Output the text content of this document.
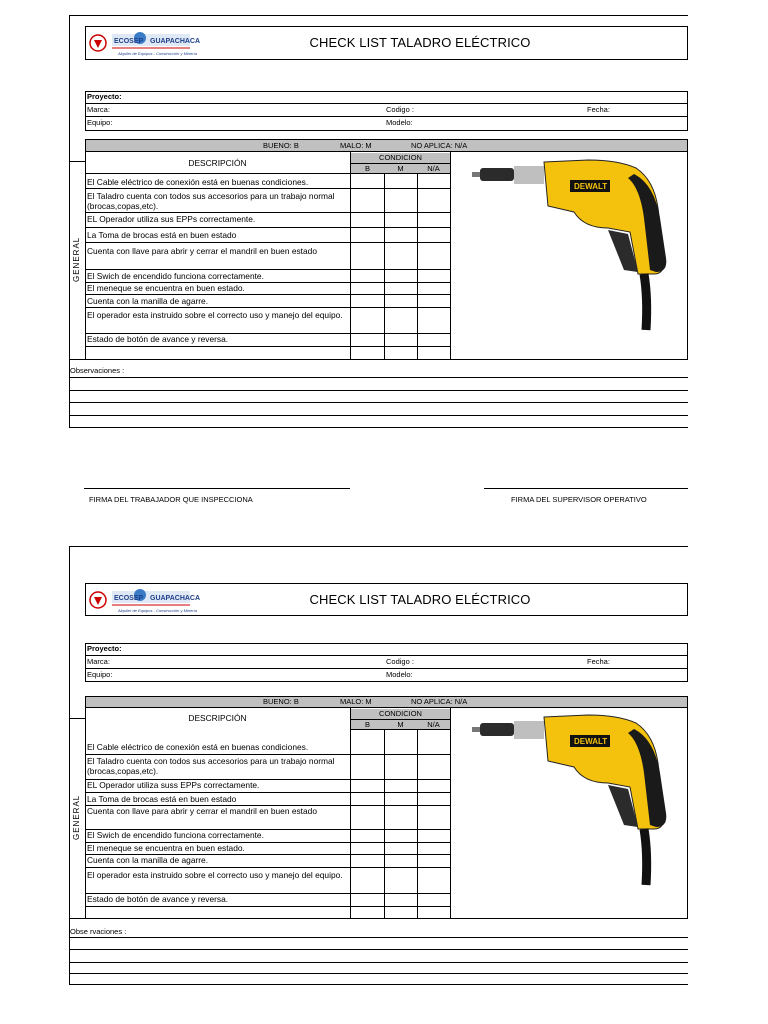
ECOSEP GUAPACHACA
Alquiler de Equipos - Construcción y Minería
CHECK LIST TALADRO ELÉCTRICO
Proyecto:
Marca:	Codigo :	Fecha:
Equipo:	Modelo:
BUENO: B	MALO: M	NO APLICA: N/A
DESCRIPCIÓN
CONDICION
B	M	N/A
El Cable eléctrico de conexión está en buenas condiciones.
El Taladro cuenta con todos sus accesorios para un trabajo normal (brocas,copas,etc).
EL Operador utiliza sus EPPs correctamente.
La Toma de brocas está en buen estado
Cuenta con llave para abrir y cerrar el mandril en buen estado
El Swich de encendido funciona correctamente.
El meneque se encuentra en buen estado.
Cuenta con la manilla de agarre.
El operador esta instruido sobre el correcto uso y manejo del equipo.
Estado de botón de avance y reversa.
GENERAL
DEWALT
Observaciones :
FIRMA DEL TRABAJADOR QUE INSPECCIONA	FIRMA DEL SUPERVISOR OPERATIVO
ECOSEP GUAPACHACA
Alquiler de Equipos - Construcción y Minería
CHECK LIST TALADRO ELÉCTRICO
Proyecto:
Marca:	Codigo :	Fecha:
Equipo:	Modelo:
BUENO: B	MALO: M	NO APLICA: N/A
DESCRIPCIÓN	CONDICION
B	M	N/A
El Cable eléctrico de conexión está en buenas condiciones.
El Taladro cuenta con todos sus accesorios para un trabajo normal (brocas,copas,etc).
EL Operador utiliza suss EPPs correctamente.
La Toma de brocas está en buen estado
Cuenta con llave para abrir y cerrar el mandril en buen estado
El Swich de encendido funciona correctamente.
El meneque se encuentra en buen estado.
Cuenta con la manilla de agarre.
El operador esta instruido sobre el correcto uso y manejo del equipo.
Estado de botón de avance y reversa.
GENERAL
DEWALT
Obse rvaciones :
